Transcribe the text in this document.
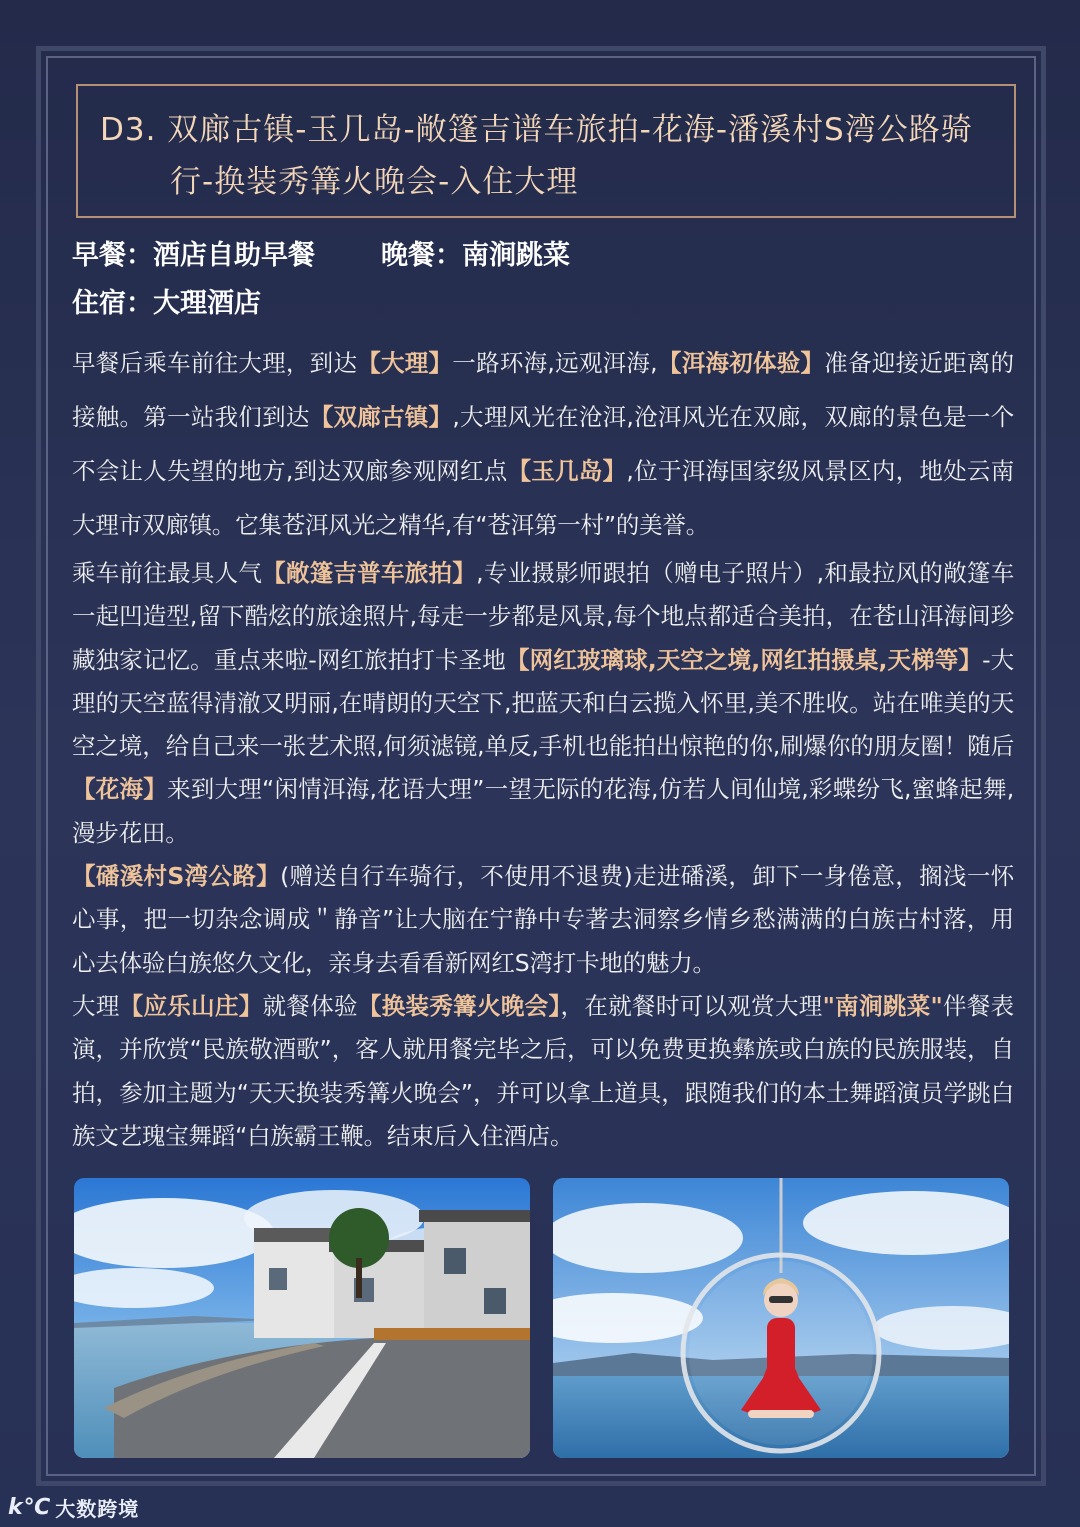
D3. 双廊古镇-玉几岛-敞篷吉谱车旅拍-花海-潘溪村S湾公路骑行-换装秀篝火晚会-入住大理
早餐：酒店自助早餐 晚餐：南涧跳菜
住宿：大理酒店

早餐后乘车前往大理，到达【大理】一路环海,远观洱海,【洱海初体验】准备迎接近距离的接触。第一站我们到达【双廊古镇】,大理风光在沧洱,沧洱风光在双廊，双廊的景色是一个不会让人失望的地方,到达双廊参观网红点【玉几岛】,位于洱海国家级风景区内，地处云南大理市双廊镇。它集苍洱风光之精华,有“苍洱第一村”的美誉。

乘车前往最具人气【敞篷吉普车旅拍】,专业摄影师跟拍（赠电子照片）,和最拉风的敞篷车一起凹造型,留下酷炫的旅途照片,每走一步都是风景,每个地点都适合美拍，在苍山洱海间珍藏独家记忆。重点来啦-网红旅拍打卡圣地【网红玻璃球,天空之境,网红拍摄桌,天梯等】-大理的天空蓝得清澈又明丽,在晴朗的天空下,把蓝天和白云揽入怀里,美不胜收。站在唯美的天空之境，给自己来一张艺术照,何须滤镜,单反,手机也能拍出惊艳的你,刷爆你的朋友圈！随后【花海】来到大理“闲情洱海,花语大理”一望无际的花海,仿若人间仙境,彩蝶纷飞,蜜蜂起舞,漫步花田。

【磻溪村S湾公路】(赠送自行车骑行，不使用不退费)走进磻溪，卸下一身倦意，搁浅一怀心事，把一切杂念调成＂静音”让大脑在宁静中专著去洞察乡情乡愁满满的白族古村落，用心去体验白族悠久文化，亲身去看看新网红S湾打卡地的魅力。

大理【应乐山庄】就餐体验【换装秀篝火晚会】，在就餐时可以观赏大理"南涧跳菜"伴餐表演，并欣赏“民族敬酒歌”，客人就用餐完毕之后，可以免费更换彝族或白族的民族服装，自拍，参加主题为“天天换装秀篝火晚会”，并可以拿上道具，跟随我们的本土舞蹈演员学跳白族文艺瑰宝舞蹈“白族霸王鞭。结束后入住酒店。

k℃ 大数跨境
